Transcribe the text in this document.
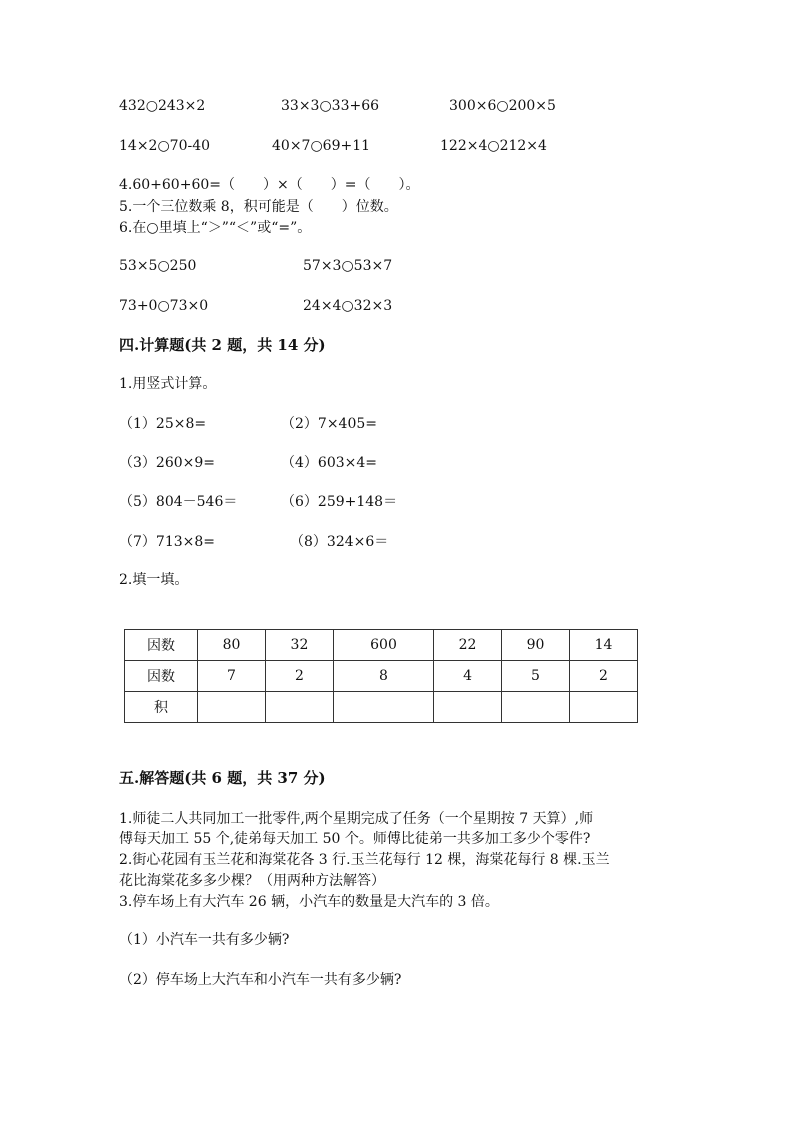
432○243×2	33×3○33+66	300×6○200×5
14×2○70-40	40×7○69+11	122×4○212×4
4.60+60+60=（　　）×（　　）=（　　）。
5.一个三位数乘 8，积可能是（　　）位数。
6.在○里填上“＞”“＜”或“=”。
53×5○250	57×3○53×7
73+0○73×0	24×4○32×3
四.计算题(共 2 题，共 14 分)
1.用竖式计算。
（1）25×8=	（2）7×405=
（3）260×9=	（4）603×4=
（5）804－546＝	（6）259+148＝
（7）713×8=	（8）324×6＝
2.填一填。
因数	80	32	600	22	90	14
因数	7	2	8	4	5	2
积						
五.解答题(共 6 题，共 37 分)
1.师徒二人共同加工一批零件,两个星期完成了任务（一个星期按 7 天算）,师
傅每天加工 55 个,徒弟每天加工 50 个。师傅比徒弟一共多加工多少个零件?
2.街心花园有玉兰花和海棠花各 3 行.玉兰花每行 12 棵，海棠花每行 8 棵.玉兰
花比海棠花多多少棵？（用两种方法解答）
3.停车场上有大汽车 26 辆，小汽车的数量是大汽车的 3 倍。
（1）小汽车一共有多少辆?
（2）停车场上大汽车和小汽车一共有多少辆?
